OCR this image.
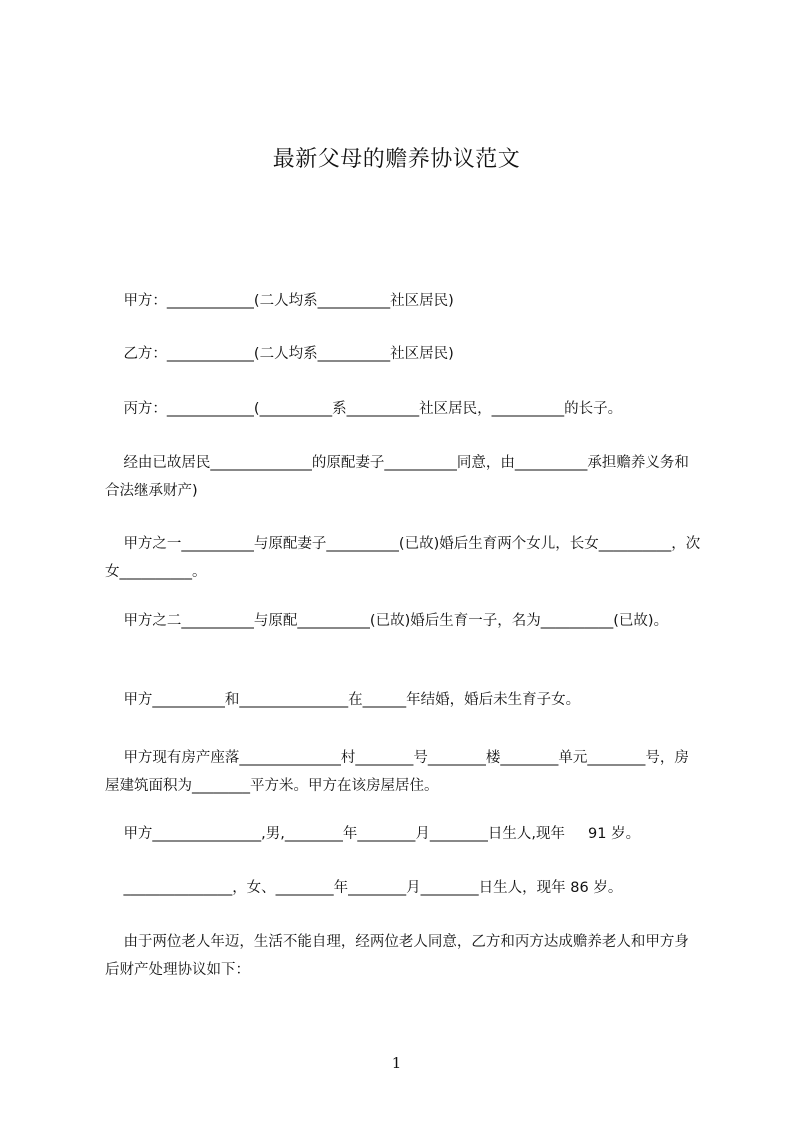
最新父母的赡养协议范文
甲方：____________(二人均系__________社区居民)
乙方：____________(二人均系__________社区居民)
丙方：____________(__________系__________社区居民，__________的长子。
经由已故居民______________的原配妻子__________同意，由__________承担赡养义务和合法继承财产)
甲方之一__________与原配妻子__________(已故)婚后生育两个女儿，长女__________，次女__________。
甲方之二__________与原配__________(已故)婚后生育一子，名为__________(已故)。
甲方__________和_______________在______年结婚，婚后未生育子女。
甲方现有房产座落______________村________号________楼________单元________号，房屋建筑面积为________平方米。甲方在该房屋居住。
甲方_______________,男,________年________月________日生人,现年     91 岁。
_______________，女、________年________月________日生人，现年 86 岁。
由于两位老人年迈，生活不能自理，经两位老人同意，乙方和丙方达成赡养老人和甲方身后财产处理协议如下：
1
